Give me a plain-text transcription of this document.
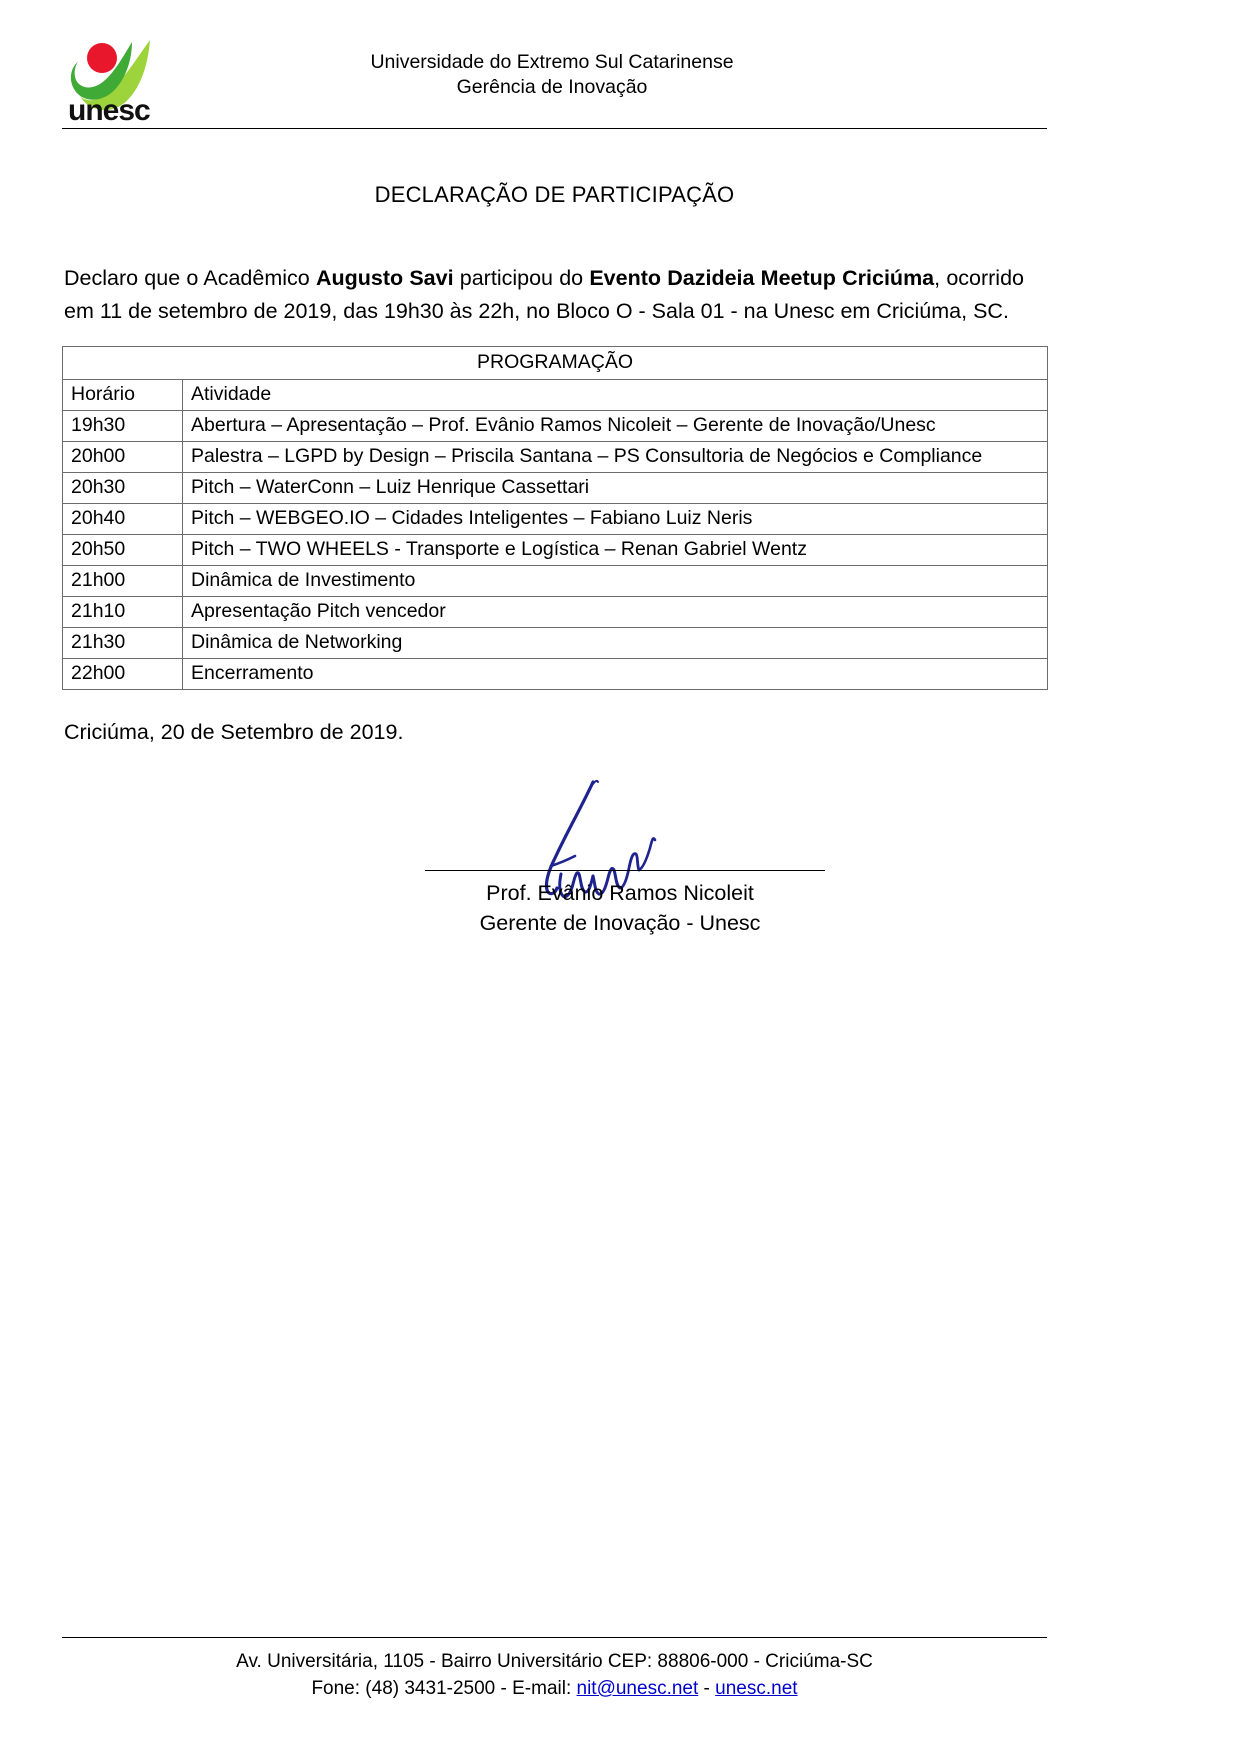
unesc
Universidade do Extremo Sul Catarinense
Gerência de Inovação
DECLARAÇÃO DE PARTICIPAÇÃO
Declaro que o Acadêmico Augusto Savi participou do Evento Dazideia Meetup Criciúma, ocorrido em 11 de setembro de 2019, das 19h30 às 22h, no Bloco O - Sala 01 - na Unesc em Criciúma, SC.
PROGRAMAÇÃO	
Horário	Atividade
19h30	Abertura – Apresentação – Prof. Evânio Ramos Nicoleit – Gerente de Inovação/Unesc
20h00	Palestra – LGPD by Design – Priscila Santana – PS Consultoria de Negócios e Compliance
20h30	Pitch – WaterConn – Luiz Henrique Cassettari
20h40	Pitch – WEBGEO.IO – Cidades Inteligentes – Fabiano Luiz Neris
20h50	Pitch – TWO WHEELS - Transporte e Logística – Renan Gabriel Wentz
21h00	Dinâmica de Investimento
21h10	Apresentação Pitch vencedor
21h30	Dinâmica de Networking
22h00	Encerramento
Criciúma, 20 de Setembro de 2019.
Prof. Evânio Ramos Nicoleit
Gerente de Inovação - Unesc
Av. Universitária, 1105 - Bairro Universitário CEP: 88806-000 - Criciúma-SC
Fone: (48) 3431-2500 - E-mail: nit@unesc.net - unesc.net
